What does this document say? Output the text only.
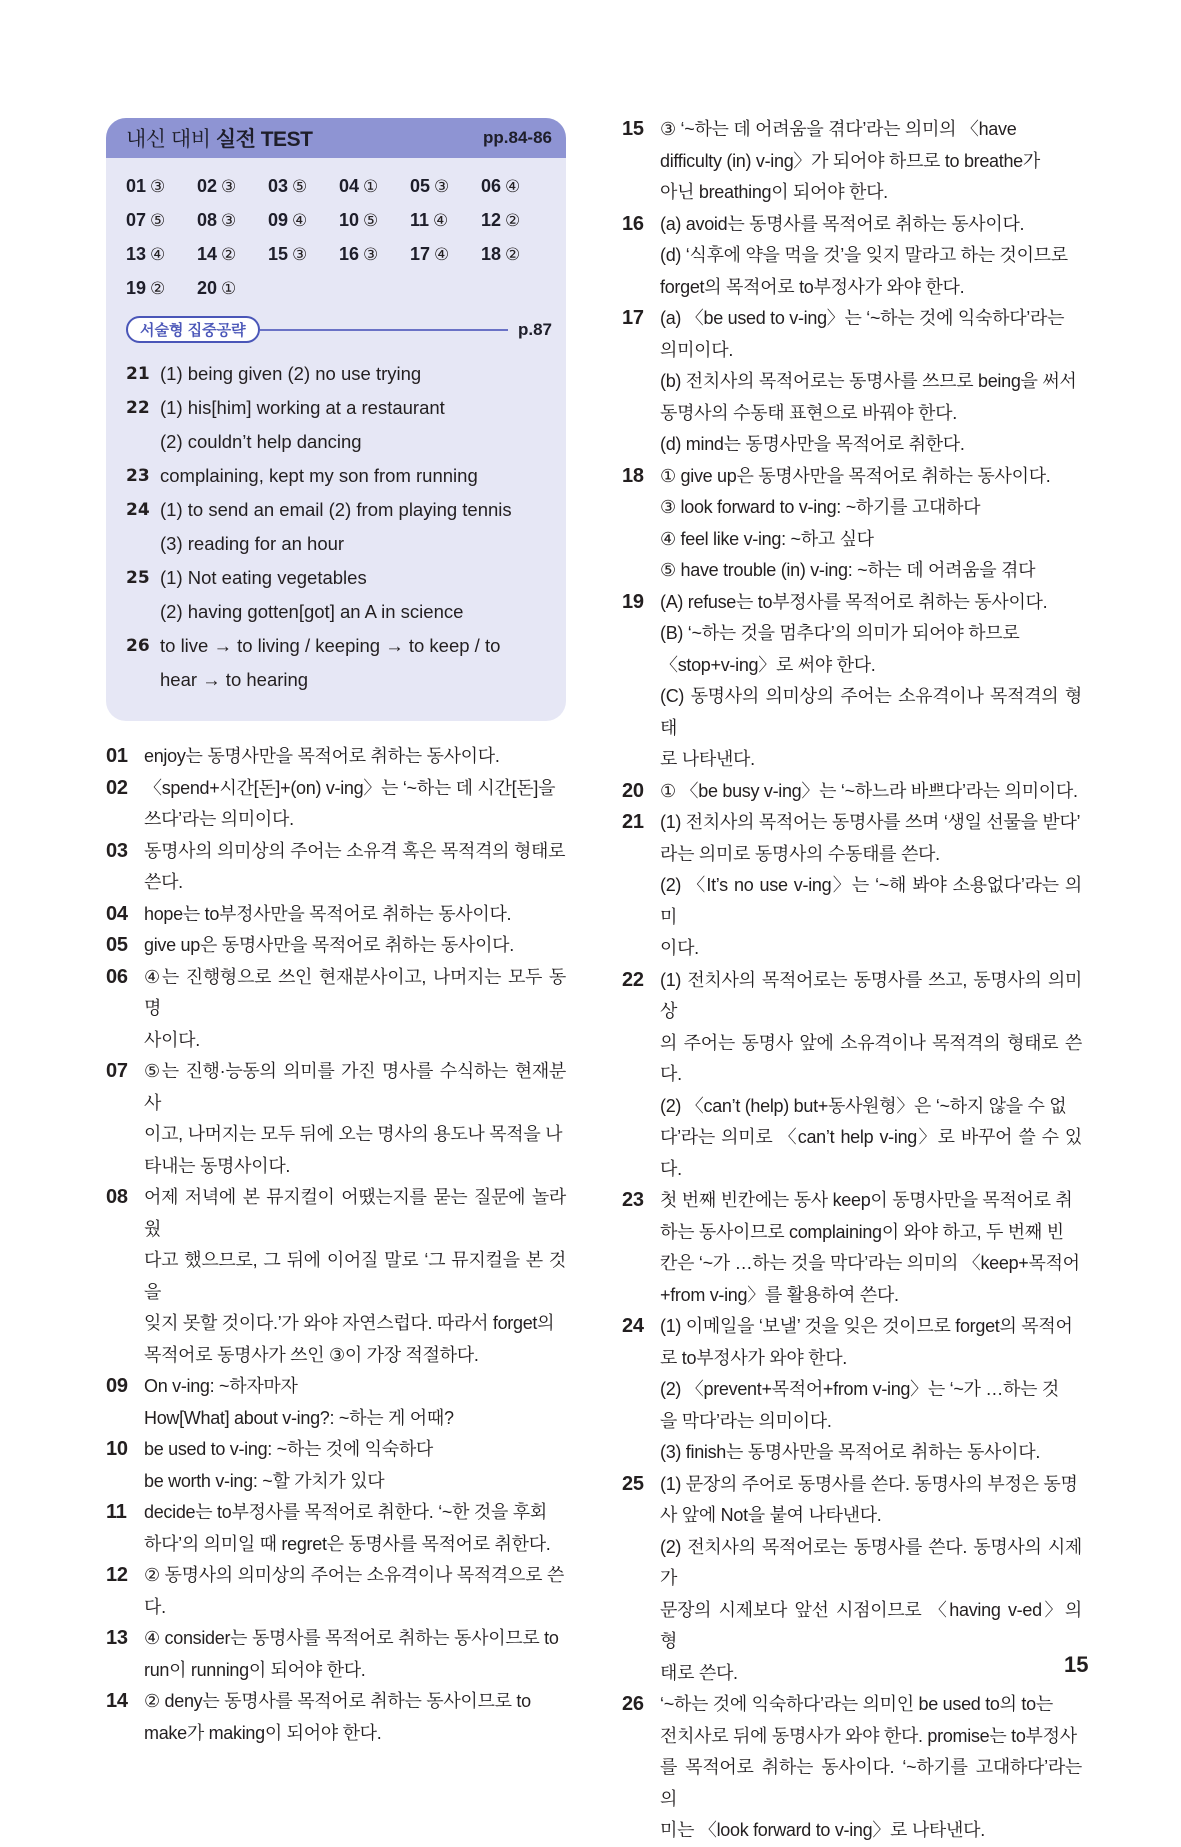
내신 대비 실전 TEST	pp.84-86
01 ③	02 ③	03 ⑤	04 ①	05 ③	06 ④
07 ⑤	08 ③	09 ④	10 ⑤	11 ④	12 ②
13 ④	14 ②	15 ③	16 ③	17 ④	18 ②
19 ②	20 ①
서술형 집중공략	p.87
21 (1) being given (2) no use trying
22 (1) his[him] working at a restaurant
(2) couldn’t help dancing
23 complaining, kept my son from running
24 (1) to send an email (2) from playing tennis
(3) reading for an hour
25 (1) Not eating vegetables
(2) having gotten[got] an A in science
26 to live → to living / keeping → to keep / to
hear → to hearing
01 enjoy는 동명사만을 목적어로 취하는 동사이다.
02 〈spend+시간[돈]+(on) v-ing〉는 ‘~하는 데 시간[돈]을
쓰다’라는 의미이다.
03 동명사의 의미상의 주어는 소유격 혹은 목적격의 형태로
쓴다.
04 hope는 to부정사만을 목적어로 취하는 동사이다.
05 give up은 동명사만을 목적어로 취하는 동사이다.
06 ④는 진행형으로 쓰인 현재분사이고, 나머지는 모두 동명
사이다.
07 ⑤는 진행·능동의 의미를 가진 명사를 수식하는 현재분사
이고, 나머지는 모두 뒤에 오는 명사의 용도나 목적을 나
타내는 동명사이다.
08 어제 저녁에 본 뮤지컬이 어땠는지를 묻는 질문에 놀라웠
다고 했으므로, 그 뒤에 이어질 말로 ‘그 뮤지컬을 본 것을
잊지 못할 것이다.’가 와야 자연스럽다. 따라서 forget의
목적어로 동명사가 쓰인 ③이 가장 적절하다.
09 On v-ing: ~하자마자
How[What] about v-ing?: ~하는 게 어때?
10 be used to v-ing: ~하는 것에 익숙하다
be worth v-ing: ~할 가치가 있다
11 decide는 to부정사를 목적어로 취한다. ‘~한 것을 후회
하다’의 의미일 때 regret은 동명사를 목적어로 취한다.
12 ② 동명사의 의미상의 주어는 소유격이나 목적격으로 쓴
다.
13 ④ consider는 동명사를 목적어로 취하는 동사이므로 to
run이 running이 되어야 한다.
14 ② deny는 동명사를 목적어로 취하는 동사이므로 to
make가 making이 되어야 한다.
15 ③ ‘~하는 데 어려움을 겪다’라는 의미의 〈have
difficulty (in) v-ing〉가 되어야 하므로 to breathe가
아닌 breathing이 되어야 한다.
16 (a) avoid는 동명사를 목적어로 취하는 동사이다.
(d) ‘식후에 약을 먹을 것’을 잊지 말라고 하는 것이므로
forget의 목적어로 to부정사가 와야 한다.
17 (a) 〈be used to v-ing〉는 ‘~하는 것에 익숙하다’라는
의미이다.
(b) 전치사의 목적어로는 동명사를 쓰므로 being을 써서
동명사의 수동태 표현으로 바꿔야 한다.
(d) mind는 동명사만을 목적어로 취한다.
18 ① give up은 동명사만을 목적어로 취하는 동사이다.
③ look forward to v-ing: ~하기를 고대하다
④ feel like v-ing: ~하고 싶다
⑤ have trouble (in) v-ing: ~하는 데 어려움을 겪다
19 (A) refuse는 to부정사를 목적어로 취하는 동사이다.
(B) ‘~하는 것을 멈추다’의 의미가 되어야 하므로
〈stop+v-ing〉로 써야 한다.
(C) 동명사의 의미상의 주어는 소유격이나 목적격의 형태
로 나타낸다.
20 ① 〈be busy v-ing〉는 ‘~하느라 바쁘다’라는 의미이다.
21 (1) 전치사의 목적어는 동명사를 쓰며 ‘생일 선물을 받다’
라는 의미로 동명사의 수동태를 쓴다.
(2) 〈It’s no use v-ing〉는 ‘~해 봐야 소용없다’라는 의미
이다.
22 (1) 전치사의 목적어로는 동명사를 쓰고, 동명사의 의미상
의 주어는 동명사 앞에 소유격이나 목적격의 형태로 쓴다.
(2) 〈can’t (help) but+동사원형〉은 ‘~하지 않을 수 없
다’라는 의미로 〈can’t help v-ing〉로 바꾸어 쓸 수 있다.
23 첫 번째 빈칸에는 동사 keep이 동명사만을 목적어로 취
하는 동사이므로 complaining이 와야 하고, 두 번째 빈
칸은 ‘~가 …하는 것을 막다’라는 의미의 〈keep+목적어
+from v-ing〉를 활용하여 쓴다.
24 (1) 이메일을 ‘보낼’ 것을 잊은 것이므로 forget의 목적어
로 to부정사가 와야 한다.
(2) 〈prevent+목적어+from v-ing〉는 ‘~가 …하는 것
을 막다’라는 의미이다.
(3) finish는 동명사만을 목적어로 취하는 동사이다.
25 (1) 문장의 주어로 동명사를 쓴다. 동명사의 부정은 동명
사 앞에 Not을 붙여 나타낸다.
(2) 전치사의 목적어로는 동명사를 쓴다. 동명사의 시제가
문장의 시제보다 앞선 시점이므로 〈having v-ed〉의 형
태로 쓴다.
26 ‘~하는 것에 익숙하다’라는 의미인 be used to의 to는
전치사로 뒤에 동명사가 와야 한다. promise는 to부정사
를 목적어로 취하는 동사이다. ‘~하기를 고대하다’라는 의
미는 〈look forward to v-ing〉로 나타낸다.
15
